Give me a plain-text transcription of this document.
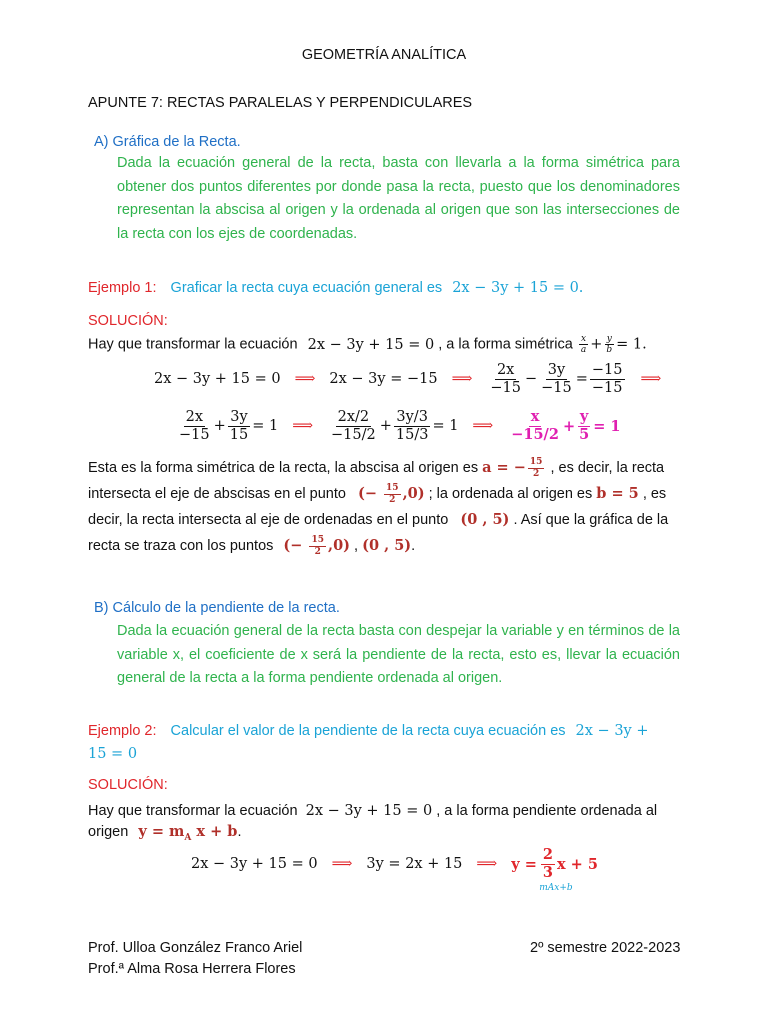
GEOMETRÍA ANALÍTICA
APUNTE 7: RECTAS PARALELAS Y PERPENDICULARES
A) Gráfica de la Recta.
Dada la ecuación general de la recta, basta con llevarla a la forma simétrica para obtener dos puntos diferentes por donde pasa la recta, puesto que los denominadores representan la abscisa al origen y la ordenada al origen que son las intersecciones de la recta con los ejes de coordenadas.
Ejemplo 1: Graficar la recta cuya ecuación general es 2x − 3y + 15 = 0.
SOLUCIÓN:
Hay que transformar la ecuación 2x − 3y + 15 = 0 , a la forma simétrica $\frac{x}{a} + \frac{y}{b} = 1$.
2x − 3y + 15 = 0 ⟹ 2x − 3y = −15 ⟹ $\frac{2x}{-15} - \frac{3y}{-15} = \frac{-15}{-15}$ ⟹
$\frac{2x}{-15} + \frac{3y}{15} = 1$ ⟹ $\frac{2x/2}{-15/2} + \frac{3y/3}{15/3} = 1$ ⟹ $\frac{x}{-15/2} + \frac{y}{5} = 1$
Esta es la forma simétrica de la recta, la abscisa al origen es a = − $\frac{15}{2}$ , es decir, la recta
intersecta el eje de abscisas en el punto (− $\frac{15}{2} ,0$) ; la ordenada al origen es b = 5 , es
decir, la recta intersecta al eje de ordenadas en el punto (0 , 5) . Así que la gráfica de la
recta se traza con los puntos (− $\frac{15}{2} ,0$) , (0 , 5).
B) Cálculo de la pendiente de la recta.
Dada la ecuación general de la recta basta con despejar la variable y en términos de la variable x, el coeficiente de x será la pendiente de la recta, esto es, llevar la ecuación general de la recta a la forma pendiente ordenada al origen.
Ejemplo 2: Calcular el valor de la pendiente de la recta cuya ecuación es 2x − 3y +
15 = 0
SOLUCIÓN:
Hay que transformar la ecuación 2x − 3y + 15 = 0 , a la forma pendiente ordenada al
origen $y = m_A$ x + b.
2x − 3y + 15 = 0 ⟹ 3y = 2x + 15 ⟹ $y = \frac{2}{3}$ x + 5
mAx+b
Prof. Ulloa González Franco Ariel
Prof.ª Alma Rosa Herrera Flores
2º semestre 2022-2023
